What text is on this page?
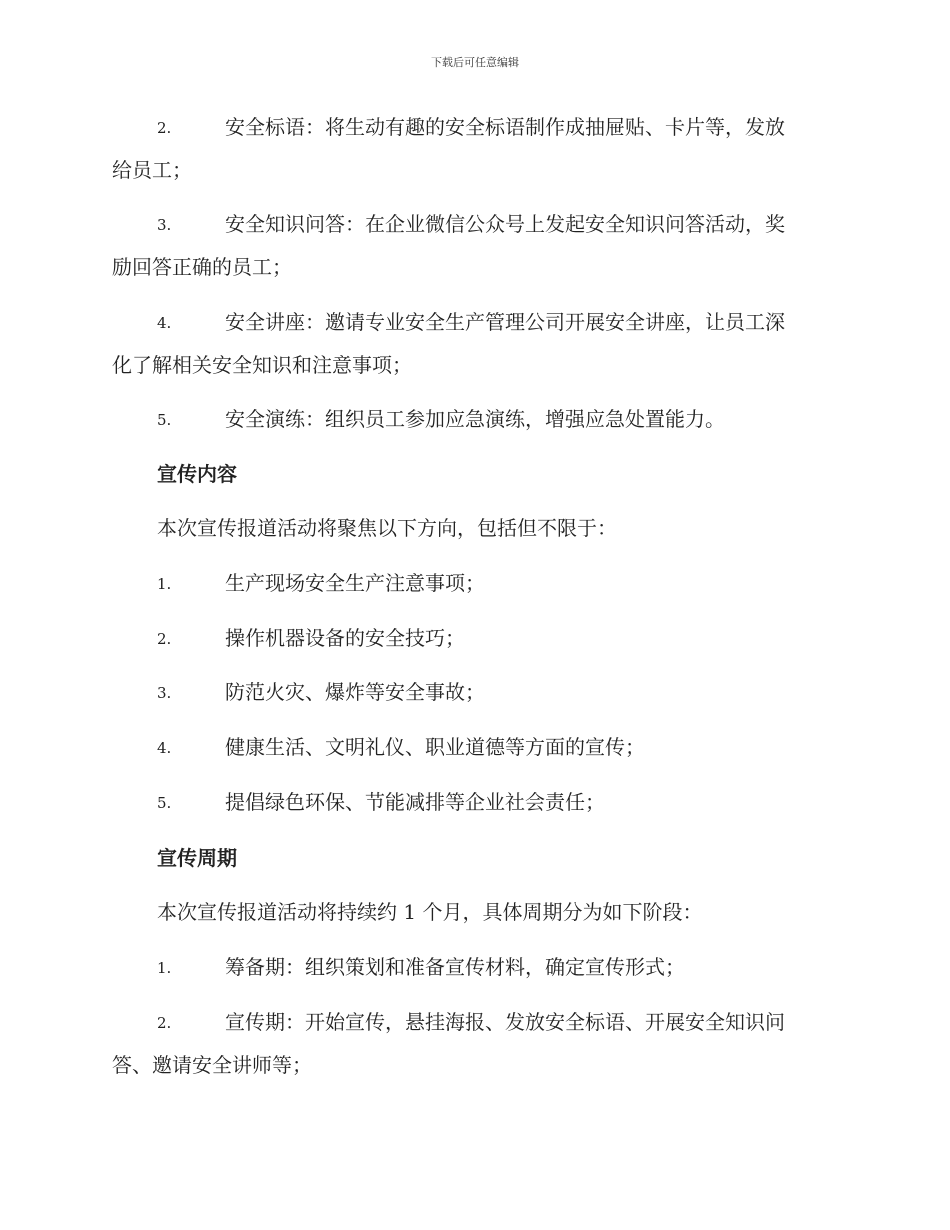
下载后可任意编辑
2.	安全标语：将生动有趣的安全标语制作成抽屉贴、卡片等，发放
给员工；
3.	安全知识问答：在企业微信公众号上发起安全知识问答活动，奖
励回答正确的员工；
4.	安全讲座：邀请专业安全生产管理公司开展安全讲座，让员工深
化了解相关安全知识和注意事项；
5.	安全演练：组织员工参加应急演练，增强应急处置能力。
宣传内容
本次宣传报道活动将聚焦以下方向，包括但不限于：
1.	生产现场安全生产注意事项；
2.	操作机器设备的安全技巧；
3.	防范火灾、爆炸等安全事故；
4.	健康生活、文明礼仪、职业道德等方面的宣传；
5.	提倡绿色环保、节能减排等企业社会责任；
宣传周期
本次宣传报道活动将持续约 1 个月，具体周期分为如下阶段：
1.	筹备期：组织策划和准备宣传材料，确定宣传形式；
2.	宣传期：开始宣传，悬挂海报、发放安全标语、开展安全知识问
答、邀请安全讲师等；
